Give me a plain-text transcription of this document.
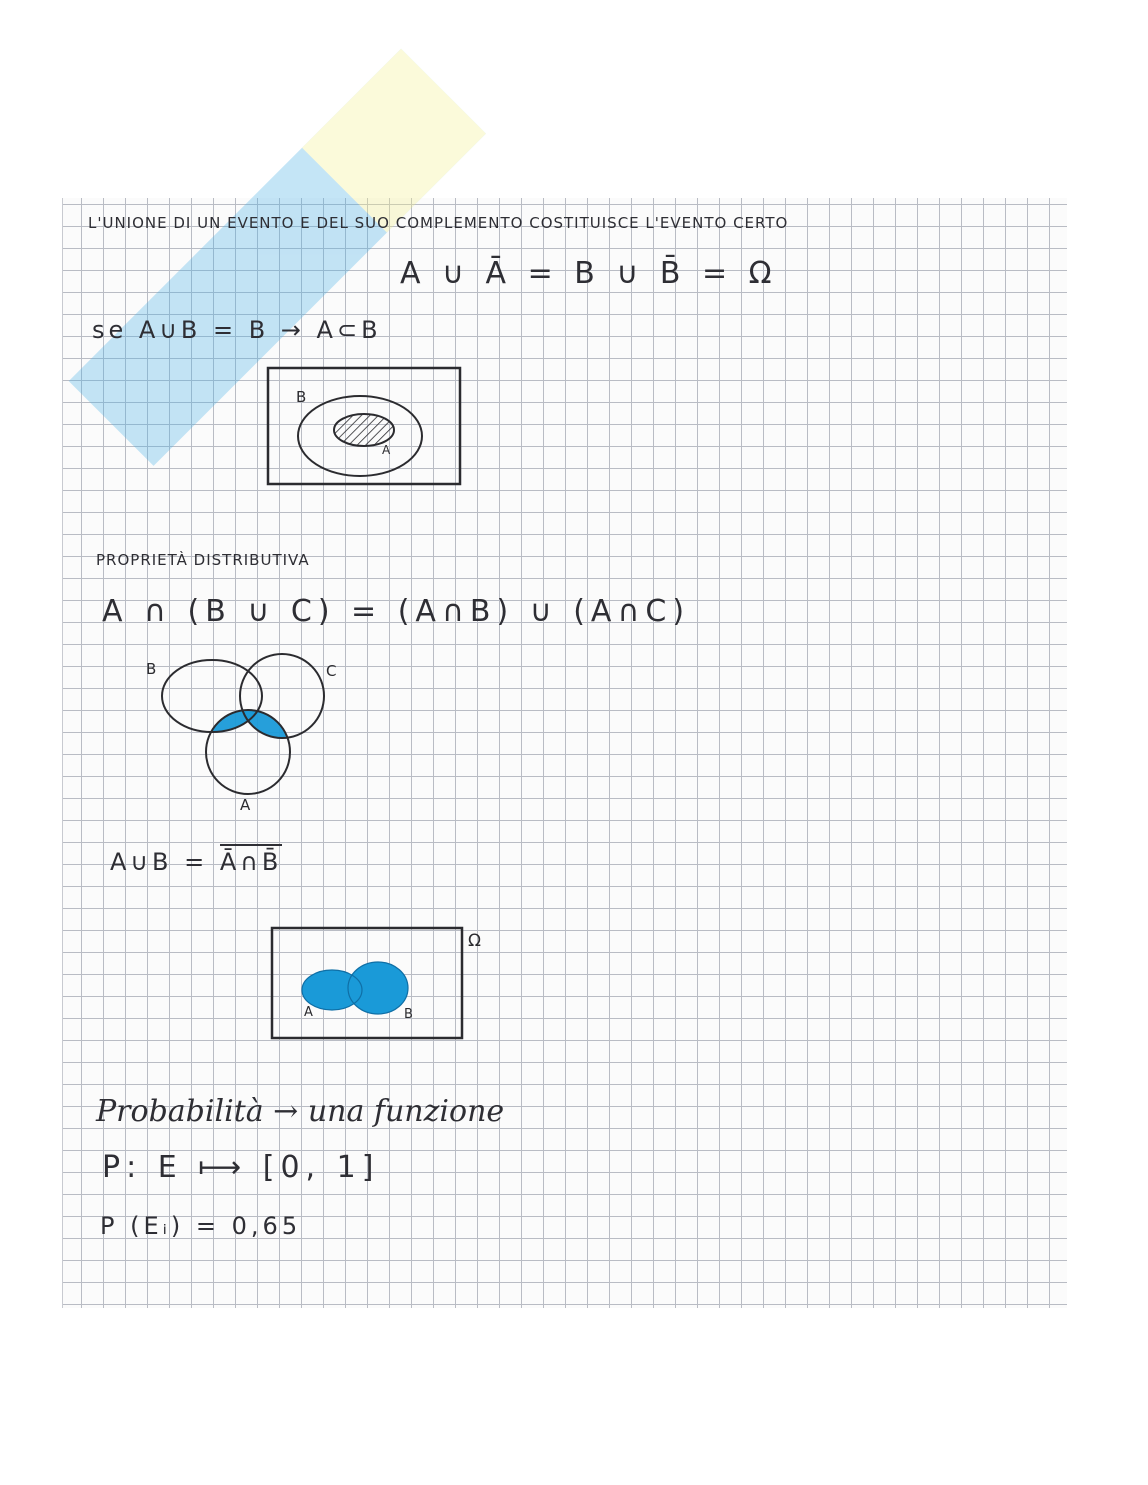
L'UNIONE DI UN EVENTO E DEL SUO COMPLEMENTO COSTITUISCE L'EVENTO CERTO

A ∪ Ā = B ∪ B̄ = Ω

se A∪B = B → A⊂B

B
A

PROPRIETÀ DISTRIBUTIVA

A ∩ (B ∪ C) = (A∩B) ∪ (A∩C)

B	C
A

A∪B = Ā∩B̄

A	B
Ω

Probabilità → una funzione

P: E ⟼ [0, 1]

P (Eᵢ) = 0,65
